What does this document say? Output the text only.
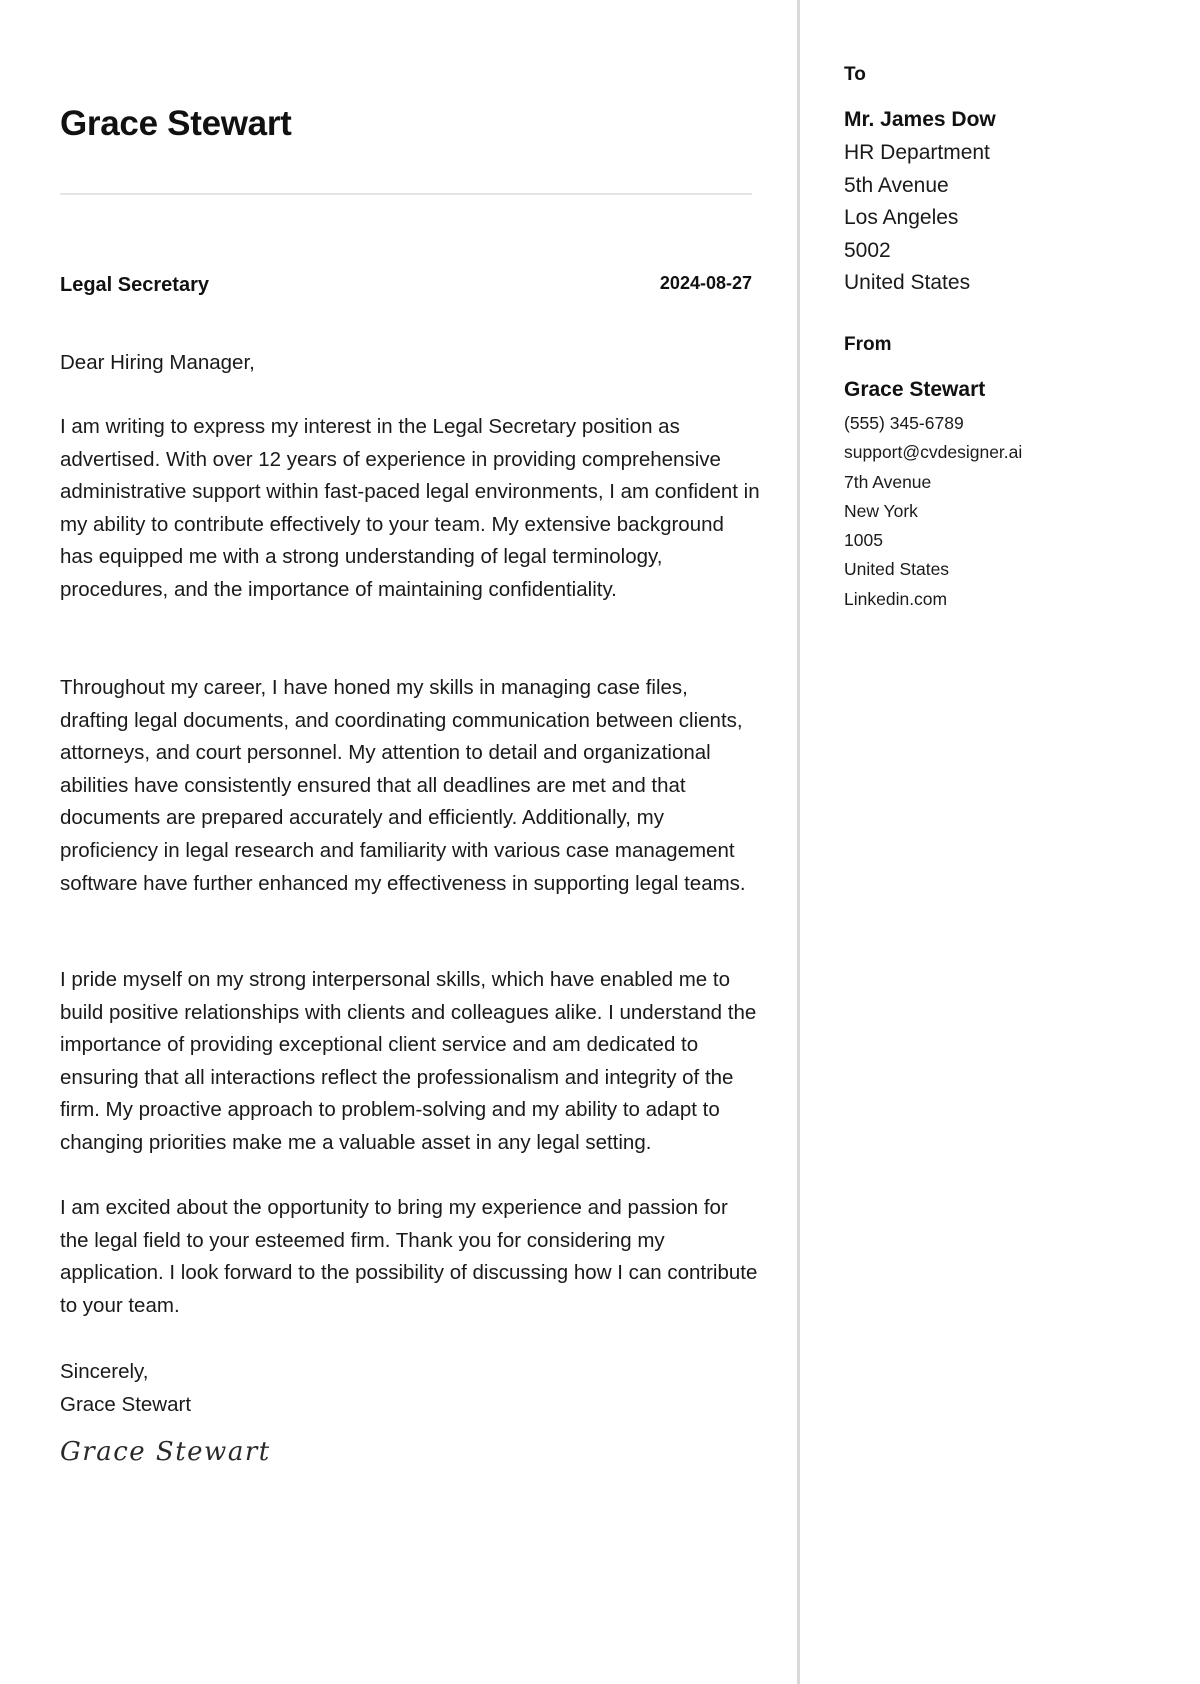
Grace Stewart
Legal Secretary	2024-08-27
Dear Hiring Manager,

I am writing to express my interest in the Legal Secretary position as advertised. With over 12 years of experience in providing comprehensive administrative support within fast-paced legal environments, I am confident in my ability to contribute effectively to your team. My extensive background has equipped me with a strong understanding of legal terminology, procedures, and the importance of maintaining confidentiality.

Throughout my career, I have honed my skills in managing case files, drafting legal documents, and coordinating communication between clients, attorneys, and court personnel. My attention to detail and organizational abilities have consistently ensured that all deadlines are met and that documents are prepared accurately and efficiently. Additionally, my proficiency in legal research and familiarity with various case management software have further enhanced my effectiveness in supporting legal teams.

I pride myself on my strong interpersonal skills, which have enabled me to build positive relationships with clients and colleagues alike. I understand the importance of providing exceptional client service and am dedicated to ensuring that all interactions reflect the professionalism and integrity of the firm. My proactive approach to problem-solving and my ability to adapt to changing priorities make me a valuable asset in any legal setting.

I am excited about the opportunity to bring my experience and passion for the legal field to your esteemed firm. Thank you for considering my application. I look forward to the possibility of discussing how I can contribute to your team.

Sincerely,
Grace Stewart
Grace Stewart
To
Mr. James Dow
HR Department
5th Avenue
Los Angeles
5002
United States
From
Grace Stewart
(555) 345-6789
support@cvdesigner.ai
7th Avenue
New York
1005
United States
Linkedin.com
